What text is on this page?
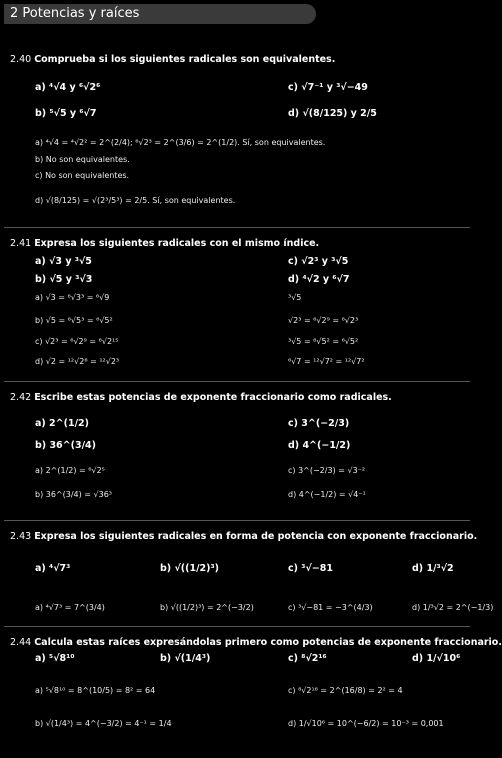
2 Potencias y raíces
2.40 Comprueba si los siguientes radicales son equivalentes.
a) ⁴√4 y ⁶√2⁶	c) √7⁻¹ y ³√−49
b) ⁵√5 y ⁶√7	d) √(8/125) y 2/5
a) ⁴√4 = ⁴√2² = 2^(2/4); ⁶√2³ = 2^(3/6) = 2^(1/2). Sí, son equivalentes.
b) No son equivalentes.
c) No son equivalentes.
d) √(8/125) = √(2³/5³) = 2/5. Sí, son equivalentes.
2.41 Expresa los siguientes radicales con el mismo índice.
a) √3 y ³√5	c) √2³ y ³√5
b) √5 y ³√3	d) ⁴√2 y ⁶√7
a) √3 = ⁶√3³ = ⁶√9	³√5
b) √5 = ⁶√5³ = ⁶√5²	√2³ = ⁶√2⁹ = ⁶√2³
c) √2³ = ⁶√2⁹ = ⁶√2¹⁵	³√5 = ⁶√5² = ⁶√5²
d) √2 = ¹²√2⁶ = ¹²√2³	⁶√7 = ¹²√7² = ¹²√7²
2.42 Escribe estas potencias de exponente fraccionario como radicales.
a) 2^(1/2)	c) 3^(−2/3)
b) 36^(3/4)	d) 4^(−1/2)
a) 2^(1/2) = ⁶√2⁵	c) 3^(−2/3) = √3⁻²
b) 36^(3/4) = √36³	d) 4^(−1/2) = √4⁻¹
2.43 Expresa los siguientes radicales en forma de potencia con exponente fraccionario.
a) ⁴√7³	b) √((1/2)³)	c) ³√−81	d) 1/³√2
a) ⁴√7³ = 7^(3/4)	b) √((1/2)³) = 2^(−3/2)	c) ³√−81 = −3^(4/3)	d) 1/³√2 = 2^(−1/3)
2.44 Calcula estas raíces expresándolas primero como potencias de exponente fraccionario.
a) ⁵√8¹⁰	b) √(1/4³)	c) ⁸√2¹⁶	d) 1/√10⁶
a) ⁵√8¹⁰ = 8^(10/5) = 8² = 64	c) ⁸√2¹⁶ = 2^(16/8) = 2² = 4
b) √(1/4³) = 4^(−3/2) = 4⁻¹ = 1/4	d) 1/√10⁶ = 10^(−6/2) = 10⁻³ = 0,001
